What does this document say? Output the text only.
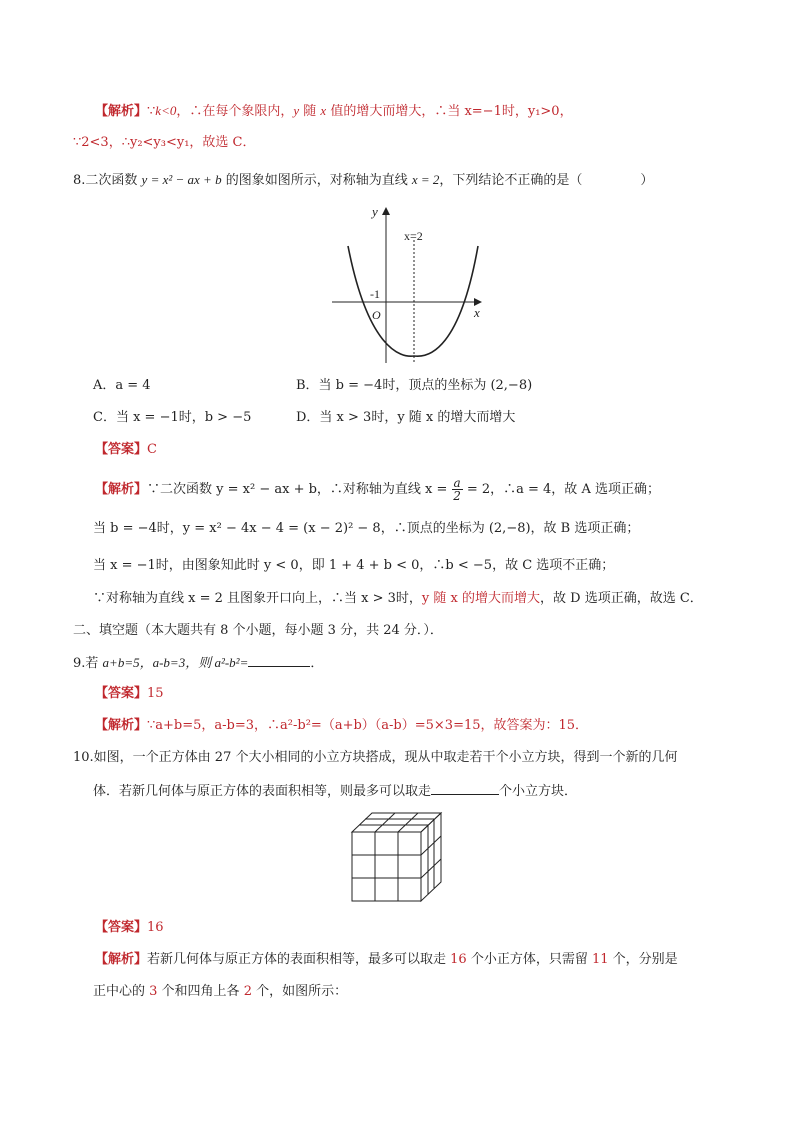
【解析】∵k<0，∴在每个象限内，y 随 x 值的增大而增大，∴当 x=−1时，y₁>0，
∵2<3，∴y₂<y₃<y₁，故选 C．
8.二次函数 y = x² − ax + b 的图象如图所示，对称轴为直线 x = 2，下列结论不正确的是（	）
y
x
x=2
-1
O
A．a = 4	B．当 b = −4时，顶点的坐标为 (2,−8)
C．当 x = −1时，b > −5	D．当 x > 3时，y 随 x 的增大而增大
【答案】C
【解析】∵二次函数 y = x² − ax + b，∴对称轴为直线 $x = \frac{a}{2} = 2$，∴a = 4，故 A 选项正确；
当 b = −4时，y = x² − 4x − 4 = (x − 2)² − 8，∴顶点的坐标为 (2,−8)，故 B 选项正确；
当 x = −1时，由图象知此时 y < 0，即 1 + 4 + b < 0，∴b < −5，故 C 选项不正确；
∵对称轴为直线 x = 2 且图象开口向上，∴当 x > 3时，y 随 x 的增大而增大，故 D 选项正确，故选 C．
二、填空题（本大题共有 8 个小题，每小题 3 分，共 24 分．）．
9.若 a+b=5，a-b=3，则 a²-b²=	．
【答案】15
【解析】∵a+b=5，a-b=3，∴a²-b²=（a+b）（a-b）=5×3=15，故答案为：15．
10.如图，一个正方体由 27 个大小相同的小立方块搭成，现从中取走若干个小立方块，得到一个新的几何
体．若新几何体与原正方体的表面积相等，则最多可以取走	个小立方块．
【答案】16
【解析】若新几何体与原正方体的表面积相等，最多可以取走 16 个小正方体，只需留 11 个，分别是
正中心的 3 个和四角上各 2 个，如图所示：
